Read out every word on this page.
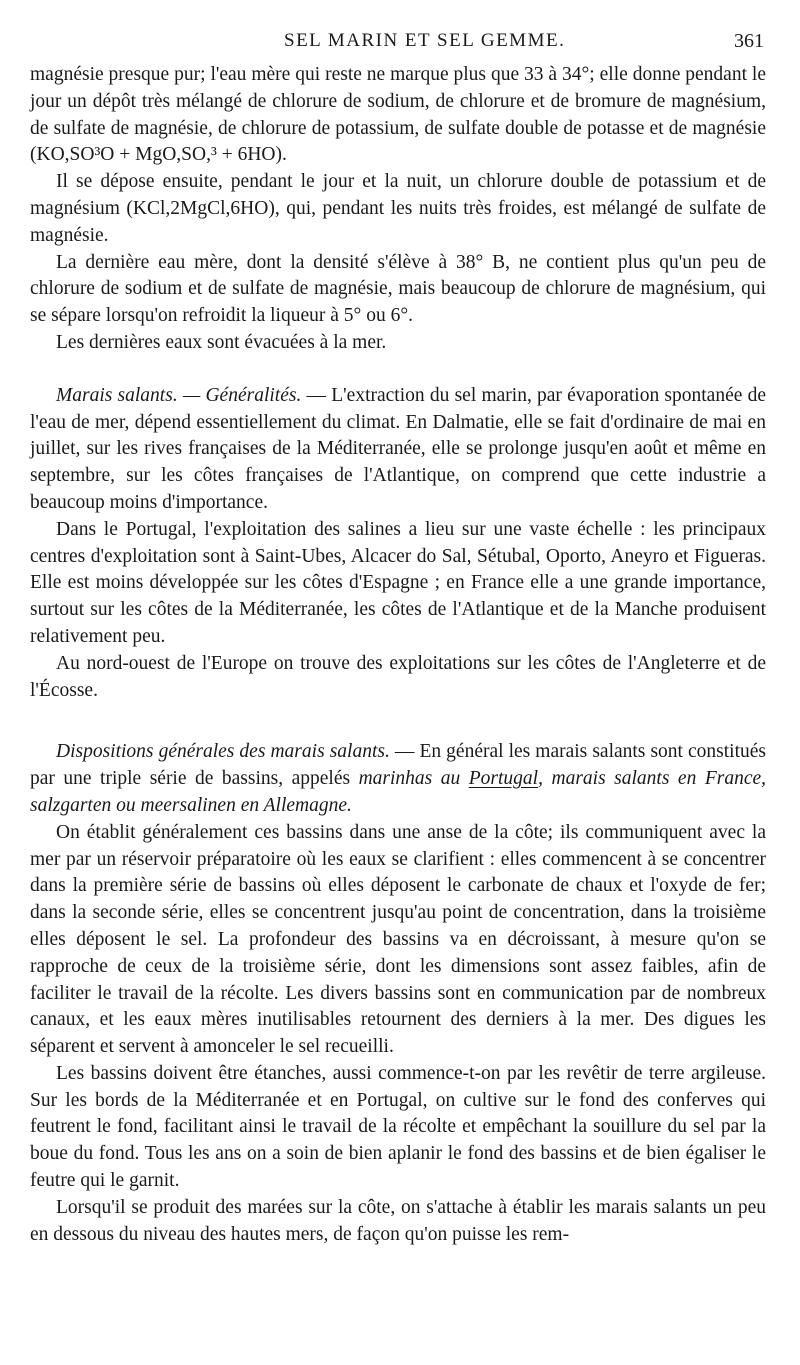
SEL MARIN ET SEL GEMME.	361

magnésie presque pur; l'eau mère qui reste ne marque plus que 33 à 34°; elle donne pendant le jour un dépôt très mélangé de chlorure de sodium, de chlorure et de bromure de magnésium, de sulfate de magnésie, de chlorure de potassium, de sulfate double de potasse et de magnésie (KO,SO³O + MgO,SO,³ + 6HO).

Il se dépose ensuite, pendant le jour et la nuit, un chlorure double de potassium et de magnésium (KCl,2MgCl,6HO), qui, pendant les nuits très froides, est mélangé de sulfate de magnésie.

La dernière eau mère, dont la densité s'élève à 38° B, ne contient plus qu'un peu de chlorure de sodium et de sulfate de magnésie, mais beaucoup de chlorure de magnésium, qui se sépare lorsqu'on refroidit la liqueur à 5° ou 6°.

Les dernières eaux sont évacuées à la mer.

Marais salants. — Généralités. — L'extraction du sel marin, par évaporation spontanée de l'eau de mer, dépend essentiellement du climat. En Dalmatie, elle se fait d'ordinaire de mai en juillet, sur les rives françaises de la Méditerranée, elle se prolonge jusqu'en août et même en septembre, sur les côtes françaises de l'Atlantique, on comprend que cette industrie a beaucoup moins d'importance.

Dans le Portugal, l'exploitation des salines a lieu sur une vaste échelle : les principaux centres d'exploitation sont à Saint-Ubes, Alcacer do Sal, Sétubal, Oporto, Aneyro et Figueras. Elle est moins développée sur les côtes d'Espagne ; en France elle a une grande importance, surtout sur les côtes de la Méditerranée, les côtes de l'Atlantique et de la Manche produisent relativement peu.

Au nord-ouest de l'Europe on trouve des exploitations sur les côtes de l'Angleterre et de l'Écosse.

Dispositions générales des marais salants. — En général les marais salants sont constitués par une triple série de bassins, appelés marinhas au Portugal, marais salants en France, salzgarten ou meersalinen en Allemagne.

On établit généralement ces bassins dans une anse de la côte; ils communiquent avec la mer par un réservoir préparatoire où les eaux se clarifient : elles commencent à se concentrer dans la première série de bassins où elles déposent le carbonate de chaux et l'oxyde de fer; dans la seconde série, elles se concentrent jusqu'au point de concentration, dans la troisième elles déposent le sel. La profondeur des bassins va en décroissant, à mesure qu'on se rapproche de ceux de la troisième série, dont les dimensions sont assez faibles, afin de faciliter le travail de la récolte. Les divers bassins sont en communication par de nombreux canaux, et les eaux mères inutilisables retournent des derniers à la mer. Des digues les séparent et servent à amonceler le sel recueilli.

Les bassins doivent être étanches, aussi commence-t-on par les revêtir de terre argileuse. Sur les bords de la Méditerranée et en Portugal, on cultive sur le fond des conferves qui feutrent le fond, facilitant ainsi le travail de la récolte et empêchant la souillure du sel par la boue du fond. Tous les ans on a soin de bien aplanir le fond des bassins et de bien égaliser le feutre qui le garnit.

Lorsqu'il se produit des marées sur la côte, on s'attache à établir les marais salants un peu en dessous du niveau des hautes mers, de façon qu'on puisse les rem-
